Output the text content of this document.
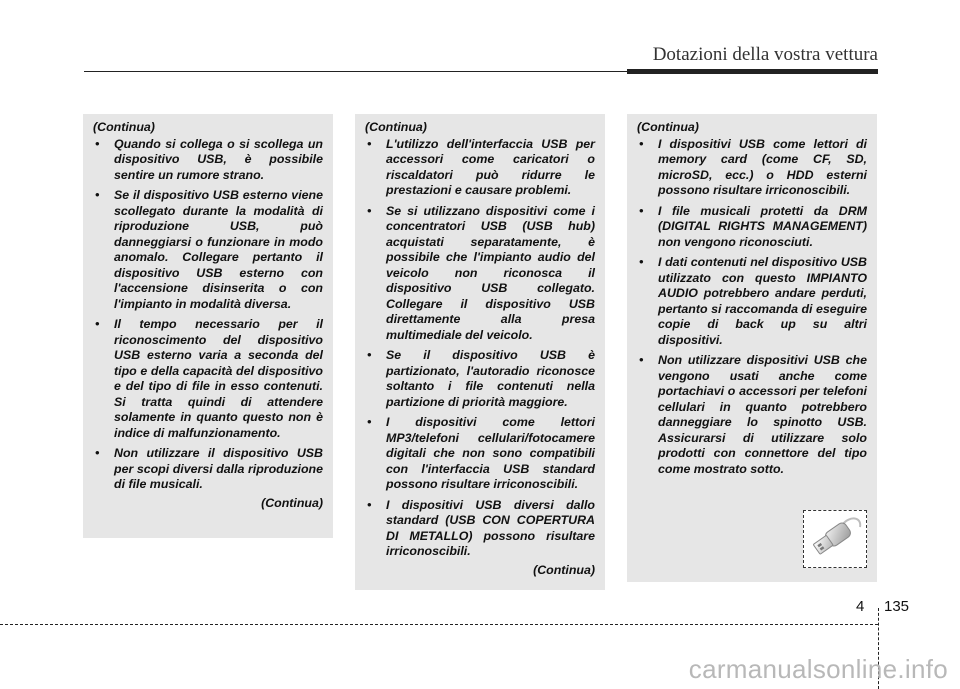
Dotazioni della vostra vettura
(Continua)
• Quando si collega o si scollega un dispositivo USB, è possibile sentire un rumore strano.
• Se il dispositivo USB esterno viene scollegato durante la modalità di riproduzione USB, può danneggiarsi o funzionare in modo anomalo. Collegare pertanto il dispositivo USB esterno con l'accensione disinserita o con l'impianto in modalità diversa.
• Il tempo necessario per il riconoscimento del dispositivo USB esterno varia a seconda del tipo e della capacità del dispositivo e del tipo di file in esso contenuti. Si tratta quindi di attendere solamente in quanto questo non è indice di malfunzionamento.
• Non utilizzare il dispositivo USB per scopi diversi dalla riproduzione di file musicali.
(Continua)
(Continua)
• L'utilizzo dell'interfaccia USB per accessori come caricatori o riscaldatori può ridurre le prestazioni e causare problemi.
• Se si utilizzano dispositivi come i concentratori USB (USB hub) acquistati separatamente, è possibile che l'impianto audio del veicolo non riconosca il dispositivo USB collegato. Collegare il dispositivo USB direttamente alla presa multimediale del veicolo.
• Se il dispositivo USB è partizionato, l'autoradio riconosce soltanto i file contenuti nella partizione di priorità maggiore.
• I dispositivi come lettori MP3/telefoni cellulari/fotocamere digitali che non sono compatibili con l'interfaccia USB standard possono risultare irriconoscibili.
• I dispositivi USB diversi dallo standard (USB CON COPERTURA DI METALLO) possono risultare irriconoscibili.
(Continua)
(Continua)
• I dispositivi USB come lettori di memory card (come CF, SD, microSD, ecc.) o HDD esterni possono risultare irriconoscibili.
• I file musicali protetti da DRM (DIGITAL RIGHTS MANAGEMENT) non vengono riconosciuti.
• I dati contenuti nel dispositivo USB utilizzato con questo IMPIANTO AUDIO potrebbero andare perduti, pertanto si raccomanda di eseguire copie di back up su altri dispositivi.
• Non utilizzare dispositivi USB che vengono usati anche come portachiavi o accessori per telefoni cellulari in quanto potrebbero danneggiare lo spinotto USB. Assicurarsi di utilizzare solo prodotti con connettore del tipo come mostrato sotto.
4 135
carmanualsonline.info
